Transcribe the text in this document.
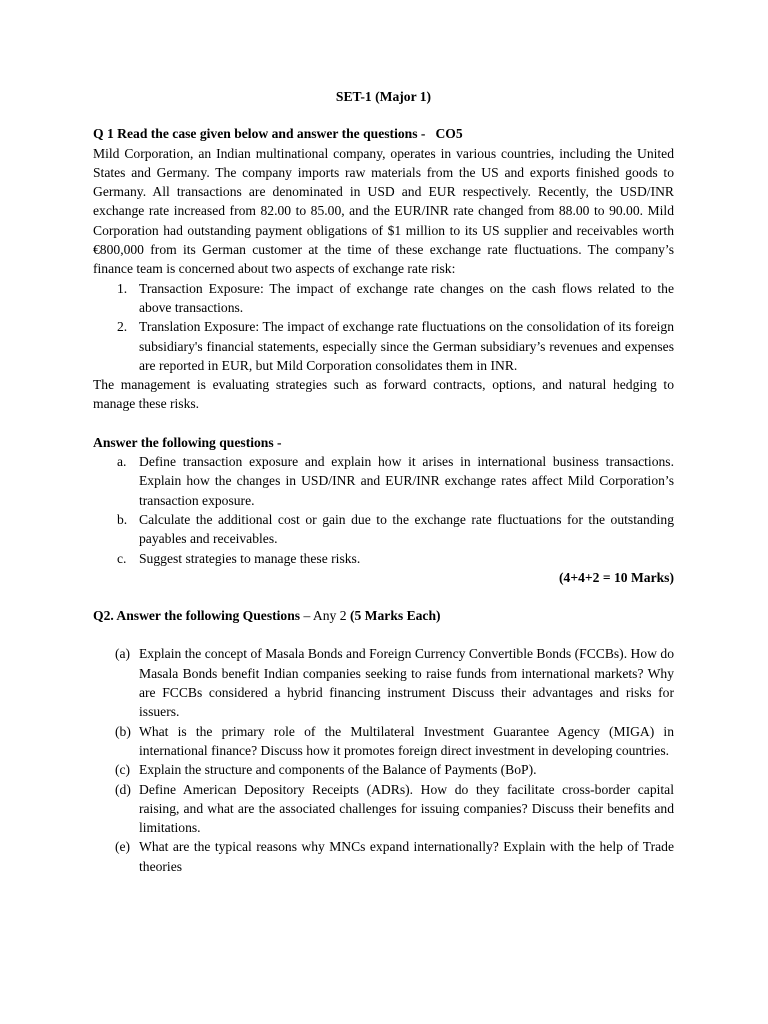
SET-1 (Major 1)

Q 1 Read the case given below and answer the questions - CO5

Mild Corporation, an Indian multinational company, operates in various countries, including the United States and Germany. The company imports raw materials from the US and exports finished goods to Germany. All transactions are denominated in USD and EUR respectively. Recently, the USD/INR exchange rate increased from 82.00 to 85.00, and the EUR/INR rate changed from 88.00 to 90.00. Mild Corporation had outstanding payment obligations of $1 million to its US supplier and receivables worth €800,000 from its German customer at the time of these exchange rate fluctuations. The company’s finance team is concerned about two aspects of exchange rate risk:

1. Transaction Exposure: The impact of exchange rate changes on the cash flows related to the above transactions.
2. Translation Exposure: The impact of exchange rate fluctuations on the consolidation of its foreign subsidiary's financial statements, especially since the German subsidiary’s revenues and expenses are reported in EUR, but Mild Corporation consolidates them in INR.

The management is evaluating strategies such as forward contracts, options, and natural hedging to manage these risks.

Answer the following questions -

a. Define transaction exposure and explain how it arises in international business transactions. Explain how the changes in USD/INR and EUR/INR exchange rates affect Mild Corporation’s transaction exposure.
b. Calculate the additional cost or gain due to the exchange rate fluctuations for the outstanding payables and receivables.
c. Suggest strategies to manage these risks.

(4+4+2 = 10 Marks)

Q2. Answer the following Questions – Any 2 (5 Marks Each)

(a) Explain the concept of Masala Bonds and Foreign Currency Convertible Bonds (FCCBs). How do Masala Bonds benefit Indian companies seeking to raise funds from international markets? Why are FCCBs considered a hybrid financing instrument Discuss their advantages and risks for issuers.
(b) What is the primary role of the Multilateral Investment Guarantee Agency (MIGA) in international finance? Discuss how it promotes foreign direct investment in developing countries.
(c) Explain the structure and components of the Balance of Payments (BoP).
(d) Define American Depository Receipts (ADRs). How do they facilitate cross-border capital raising, and what are the associated challenges for issuing companies? Discuss their benefits and limitations.
(e) What are the typical reasons why MNCs expand internationally? Explain with the help of Trade theories
